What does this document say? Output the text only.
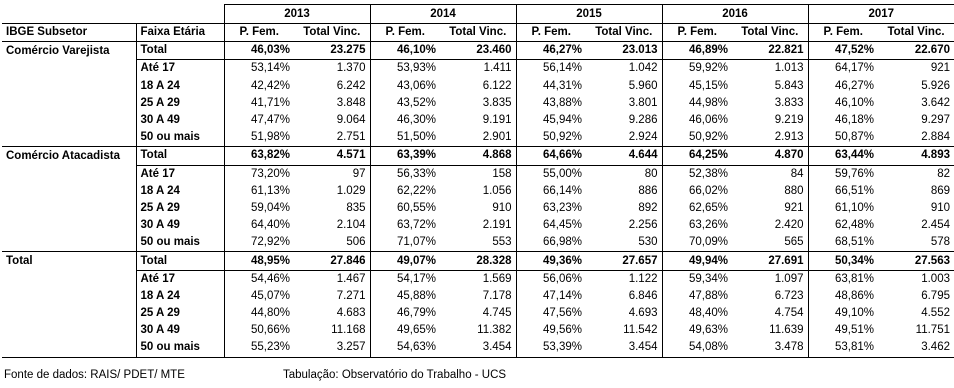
		2013		2014		2015		2016		2017	
IBGE Subsetor	Faixa Etária	P. Fem.	Total Vinc.	P. Fem.	Total Vinc.	P. Fem.	Total Vinc.	P. Fem.	Total Vinc.	P. Fem.	Total Vinc.
Comércio Varejista	Total	46,03%	23.275	46,10%	23.460	46,27%	23.013	46,89%	22.821	47,52%	22.670
	Até 17	53,14%	1.370	53,93%	1.411	56,14%	1.042	59,92%	1.013	64,17%	921
	18 A 24	42,42%	6.242	43,06%	6.122	44,31%	5.960	45,15%	5.843	46,27%	5.926
	25 A 29	41,71%	3.848	43,52%	3.835	43,88%	3.801	44,98%	3.833	46,10%	3.642
	30 A 49	47,47%	9.064	46,30%	9.191	45,94%	9.286	46,06%	9.219	46,18%	9.297
	50 ou mais	51,98%	2.751	51,50%	2.901	50,92%	2.924	50,92%	2.913	50,87%	2.884
Comércio Atacadista	Total	63,82%	4.571	63,39%	4.868	64,66%	4.644	64,25%	4.870	63,44%	4.893
	Até 17	73,20%	97	56,33%	158	55,00%	80	52,38%	84	59,76%	82
	18 A 24	61,13%	1.029	62,22%	1.056	66,14%	886	66,02%	880	66,51%	869
	25 A 29	59,04%	835	60,55%	910	63,23%	892	62,65%	921	61,10%	910
	30 A 49	64,40%	2.104	63,72%	2.191	64,45%	2.256	63,26%	2.420	62,48%	2.454
	50 ou mais	72,92%	506	71,07%	553	66,98%	530	70,09%	565	68,51%	578
Total	Total	48,95%	27.846	49,07%	28.328	49,36%	27.657	49,94%	27.691	50,34%	27.563
	Até 17	54,46%	1.467	54,17%	1.569	56,06%	1.122	59,34%	1.097	63,81%	1.003
	18 A 24	45,07%	7.271	45,88%	7.178	47,14%	6.846	47,88%	6.723	48,86%	6.795
	25 A 29	44,80%	4.683	46,79%	4.745	47,56%	4.693	48,40%	4.754	49,10%	4.552
	30 A 49	50,66%	11.168	49,65%	11.382	49,56%	11.542	49,63%	11.639	49,51%	11.751
	50 ou mais	55,23%	3.257	54,63%	3.454	53,39%	3.454	54,08%	3.478	53,81%	3.462
Fonte de dados: RAIS/ PDET/ MTE	Tabulação: Observatório do Trabalho - UCS
